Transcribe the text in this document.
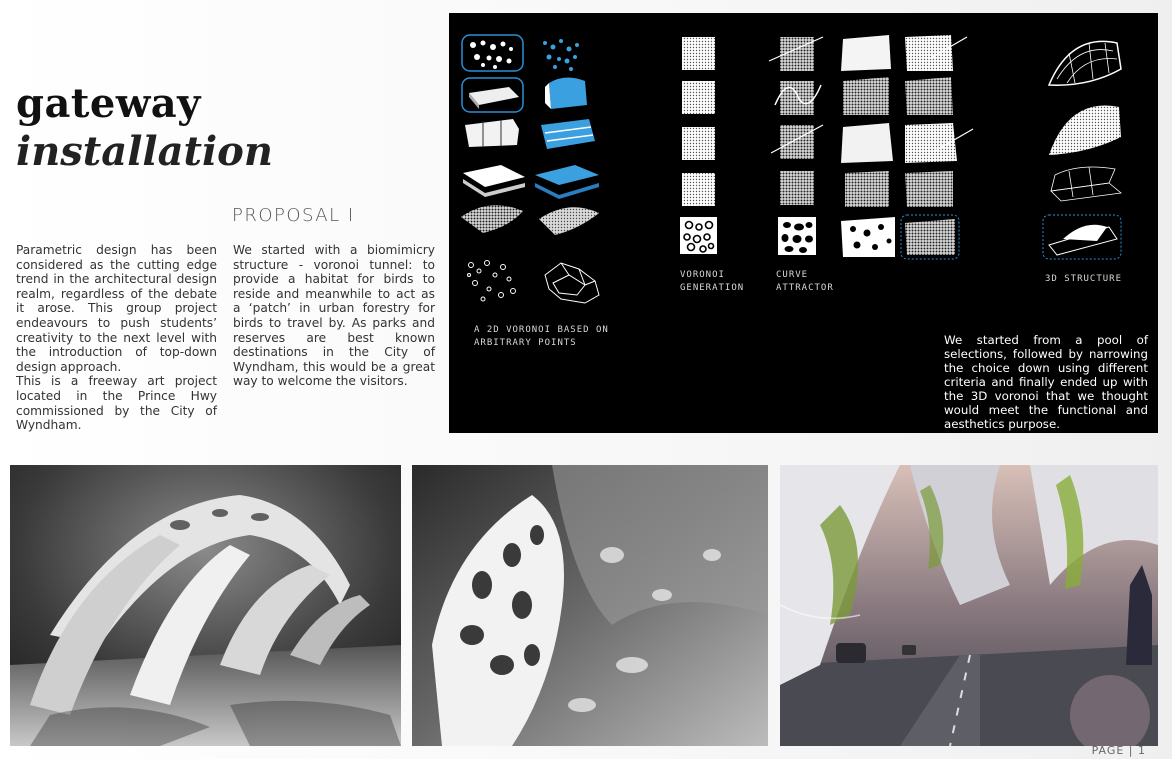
gateway
installation

Parametric design has been considered as the cutting edge trend in the architectural design realm, regardless of the debate it arose. This group project endeavours to push students’ creativity to the next level with the introduction of top-down design approach.

This is a freeway art project located in the Prince Hwy commissioned by the City of Wyndham.

PROPOSAL I

We started with a biomimicry structure - voronoi tunnel: to provide a habitat for birds to reside and meanwhile to act as a ‘patch’ in urban forestry for birds to travel by. As parks and reserves are best known destinations in the City of Wyndham, this would be a great way to welcome the visitors.

A 2D VORONOI BASED ON ARBITRARY POINTS
VORONOI GENERATION
CURVE ATTRACTOR
3D STRUCTURE

We started from a pool of selections, followed by narrowing the choice down using different criteria and finally ended up with the 3D voronoi that we thought would meet the functional and aesthetics purpose.

PAGE | 1
